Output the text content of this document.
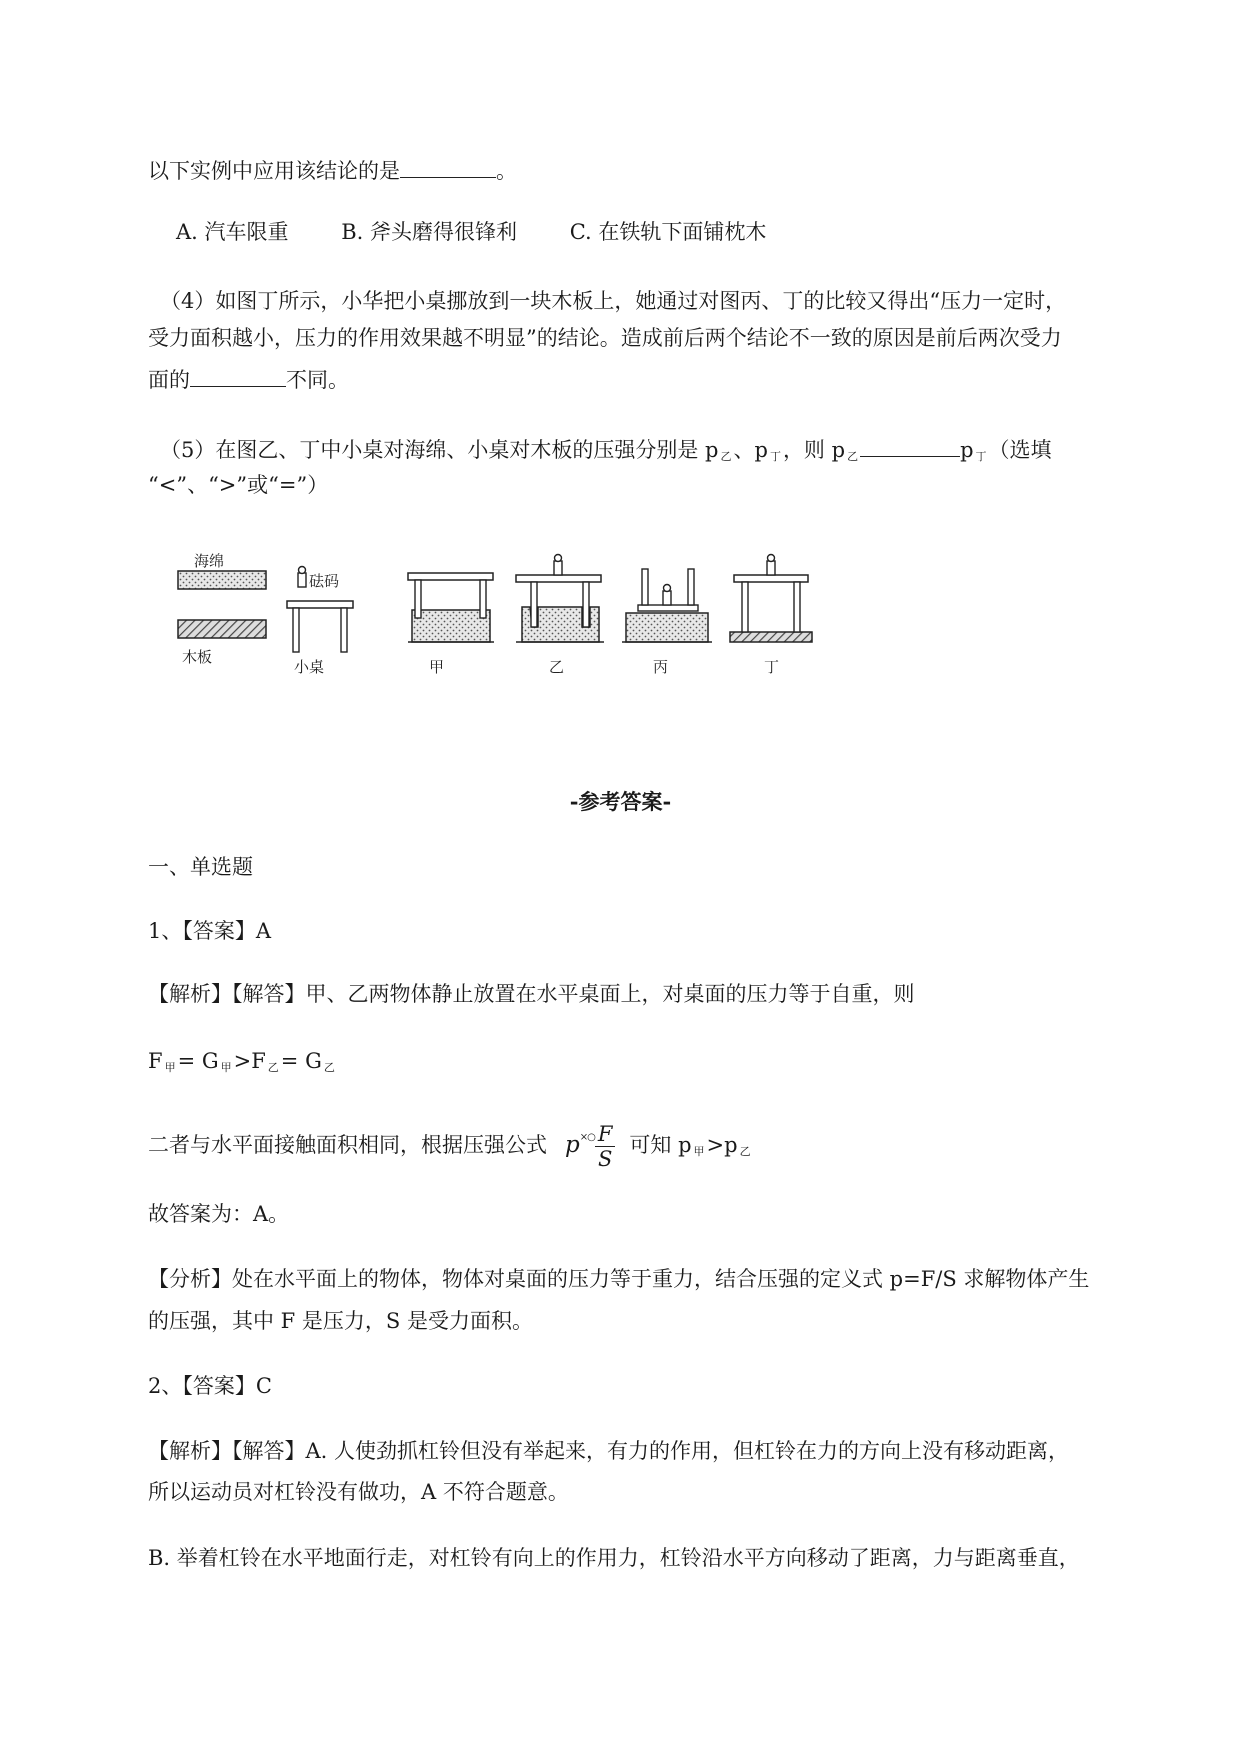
以下实例中应用该结论的是	。
A. 汽车限重	B. 斧头磨得很锋利	C. 在铁轨下面铺枕木
（4）如图丁所示，小华把小桌挪放到一块木板上，她通过对图丙、丁的比较又得出“压力一定时，
受力面积越小，压力的作用效果越不明显”的结论。造成前后两个结论不一致的原因是前后两次受力
面的	不同。
（5）在图乙、丁中小桌对海绵、小桌对木板的压强分别是 p $_乙$、p $_丁$，则 p $_乙$	p $_丁$（选填
“<”、“>”或“=”）
海绵
木板
砝码
小桌	甲	乙	丙	丁
-参考答案-
一、单选题
1、【答案】A
【解析】【解答】甲、乙两物体静止放置在水平桌面上，对桌面的压力等于自重，则
F $_甲$= G $_甲$>F $_乙$= G $_乙$
二者与水平面接触面积相同，根据压强公式 $p^{\times○} \frac{F}{S}$ 可知 p $_甲$>p $_乙$
故答案为：A。
【分析】处在水平面上的物体，物体对桌面的压力等于重力，结合压强的定义式 p=F/S 求解物体产生
的压强，其中 F 是压力，S 是受力面积。
2、【答案】C
【解析】【解答】A. 人使劲抓杠铃但没有举起来，有力的作用，但杠铃在力的方向上没有移动距离，
所以运动员对杠铃没有做功，A 不符合题意。
B. 举着杠铃在水平地面行走，对杠铃有向上的作用力，杠铃沿水平方向移动了距离，力与距离垂直，
